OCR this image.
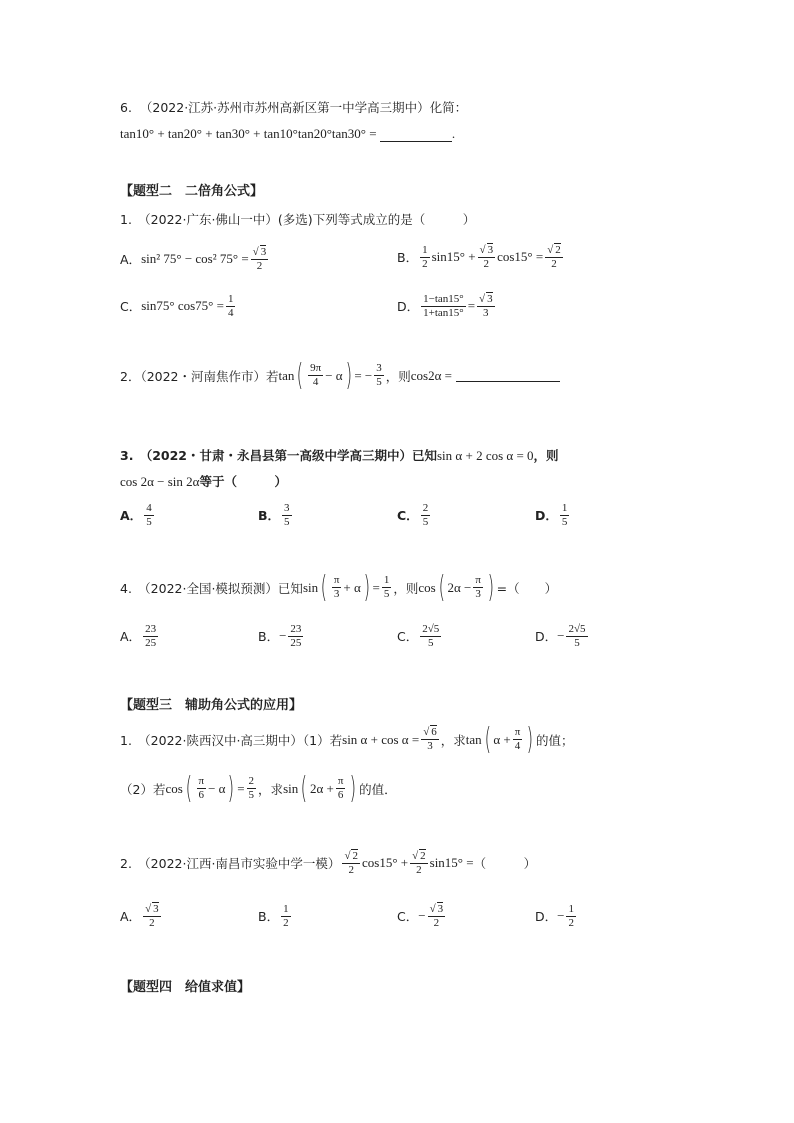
6. （2022·江苏·苏州市苏州高新区第一中学高三期中）化简：
tan10° + tan20° + tan30° + tan10°tan20°tan30° =	.
【题型二　二倍角公式】
1.　（2022·广东·佛山一中）(多选)下列等式成立的是（　　　）
A． sin² 75° − cos² $75^\circ = \frac{√ 3}{2}$	B． $\frac{1}{2} \sin 15^\circ + \frac{√ 3}{2} \cos 15^\circ = \frac{√ 2}{2}$
C． sin75° $\cos 75^\circ = \frac{1}{4}$	D． $\frac{1-\tan 15^\circ}{1+\tan 15^\circ} = \frac{√ 3}{3}$
2．（2022・河南焦作市）若 tan ( $\frac{9\pi}{4} - \alpha$ ) = − $\frac{3}{5}$ ，则 cos2α =
3.　（2022・甘肃・永昌县第一高级中学高三期中）已知sin α + 2 cos α = 0，则
cos 2α − sin 2α等于（　　　）
A． $\frac{4}{5}$	B． $\frac{3}{5}$	C． $\frac{2}{5}$	D． $\frac{1}{5}$
4.　（2022·全国·模拟预测）已知 sin ( $\frac{\pi}{3} + \alpha$ ) = $\frac{1}{5}$ ，则 cos ( $2\alpha - \frac{\pi}{3}$ ) =（　　）
A． $\frac{23}{25}$	B． − $\frac{23}{25}$	C． $\frac{2√5}{5}$	D． − $\frac{2√5}{5}$
【题型三　辅助角公式的应用】
1.　（2022·陕西汉中·高三期中）（1）若 $\sin \alpha + \cos \alpha = \frac{√ 6}{3}$ ，求 tan ( $\alpha + \frac{\pi}{4}$ ) 的值；
（2）若 cos ( $\frac{\pi}{6} - \alpha$ ) = $\frac{2}{5}$ ，求 sin ( $2\alpha + \frac{\pi}{6}$ ) 的值．
2.　（2022·江西·南昌市实验中学一模） $\frac{√ 2}{2} \cos 15^\circ + \frac{√ 2}{2} \sin 15^\circ$ = （　　　）
A． $\frac{√ 3}{2}$	B． $\frac{1}{2}$	C． − $\frac{√ 3}{2}$	D． − $\frac{1}{2}$
【题型四　给值求值】
